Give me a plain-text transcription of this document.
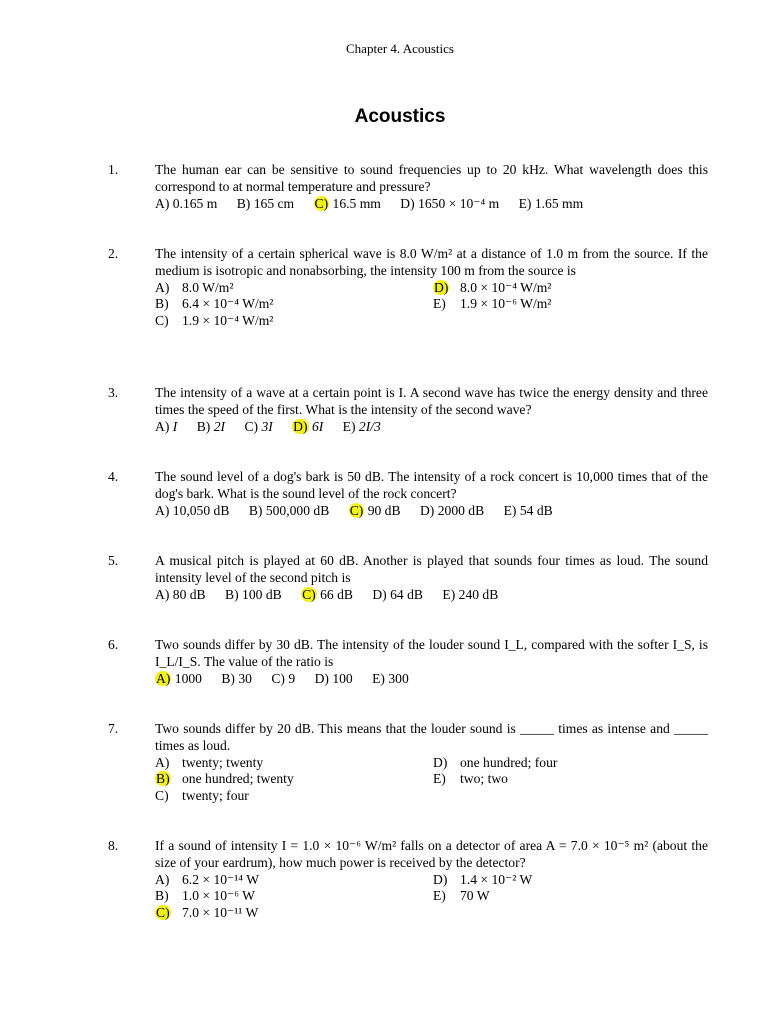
Chapter 4. Acoustics
Acoustics
1.	The human ear can be sensitive to sound frequencies up to 20 kHz. What wavelength does this correspond to at normal temperature and pressure?
A) 0.165 m B) 165 cm C) 16.5 mm D) 1650 × 10⁻⁴ m E) 1.65 mm
2.	The intensity of a certain spherical wave is 8.0 W/m² at a distance of 1.0 m from the source. If the medium is isotropic and nonabsorbing, the intensity 100 m from the source is
A) 8.0 W/m²	D) 8.0 × 10⁻⁴ W/m²
B) 6.4 × 10⁻⁴ W/m²	E) 1.9 × 10⁻⁶ W/m²
C) 1.9 × 10⁻⁴ W/m²
3.	The intensity of a wave at a certain point is I. A second wave has twice the energy density and three times the speed of the first. What is the intensity of the second wave?
A) I B) 2I C) 3I D) 6I E) 2I/3
4.	The sound level of a dog's bark is 50 dB. The intensity of a rock concert is 10,000 times that of the dog's bark. What is the sound level of the rock concert?
A) 10,050 dB B) 500,000 dB C) 90 dB D) 2000 dB E) 54 dB
5.	A musical pitch is played at 60 dB. Another is played that sounds four times as loud. The sound intensity level of the second pitch is
A) 80 dB B) 100 dB C) 66 dB D) 64 dB E) 240 dB
6.	Two sounds differ by 30 dB. The intensity of the louder sound I_L, compared with the softer I_S, is I_L/I_S. The value of the ratio is
A) 1000 B) 30 C) 9 D) 100 E) 300
7.	Two sounds differ by 20 dB. This means that the louder sound is _____ times as intense and _____ times as loud.
A) twenty; twenty	D) one hundred; four
B) one hundred; twenty	E) two; two
C) twenty; four
8.	If a sound of intensity I = 1.0 × 10⁻⁶ W/m² falls on a detector of area A = 7.0 × 10⁻⁵ m² (about the size of your eardrum), how much power is received by the detector?
A) 6.2 × 10⁻¹⁴ W	D) 1.4 × 10⁻² W
B) 1.0 × 10⁻⁶ W	E) 70 W
C) 7.0 × 10⁻¹¹ W
